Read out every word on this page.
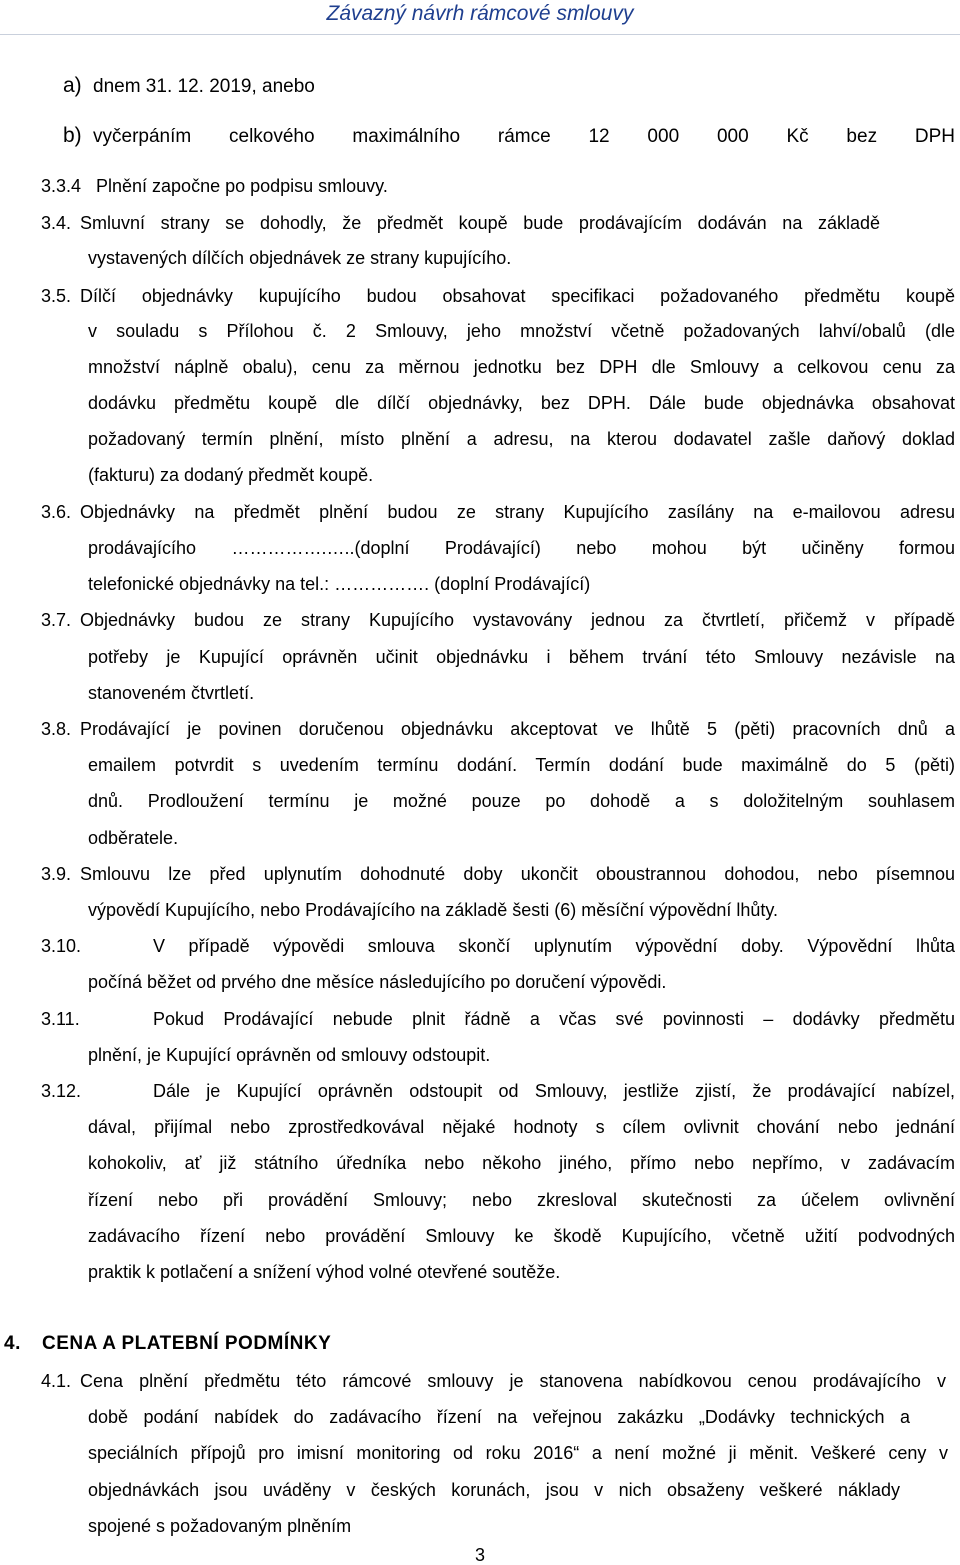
Závazný návrh rámcové smlouvy
a) dnem 31. 12. 2019, anebo
b) vyčerpáním celkového maximálního rámce 12 000 000 Kč bez DPH
3.3.4 Plnění započne po podpisu smlouvy.
3.4. Smluvní strany se dohodly, že předmět koupě bude prodávajícím dodáván na základě
vystavených dílčích objednávek ze strany kupujícího.
3.5. Dílčí objednávky kupujícího budou obsahovat specifikaci požadovaného předmětu koupě
v souladu s Přílohou č. 2 Smlouvy, jeho množství včetně požadovaných lahví/obalů (dle
množství náplně obalu), cenu za měrnou jednotku bez DPH dle Smlouvy a celkovou cenu za
dodávku předmětu koupě dle dílčí objednávky, bez DPH. Dále bude objednávka obsahovat
požadovaný termín plnění, místo plnění a adresu, na kterou dodavatel zašle daňový doklad
(fakturu) za dodaný předmět koupě.
3.6. Objednávky na předmět plnění budou ze strany Kupujícího zasílány na e-mailovou adresu
prodávajícího …………….…..(doplní Prodávající) nebo mohou být učiněny formou
telefonické objednávky na tel.: ……………. (doplní Prodávající)
3.7. Objednávky budou ze strany Kupujícího vystavovány jednou za čtvrtletí, přičemž v případě
potřeby je Kupující oprávněn učinit objednávku i během trvání této Smlouvy nezávisle na
stanoveném čtvrtletí.
3.8. Prodávající je povinen doručenou objednávku akceptovat ve lhůtě 5 (pěti) pracovních dnů a
emailem potvrdit s uvedením termínu dodání. Termín dodání bude maximálně do 5 (pěti)
dnů. Prodloužení termínu je možné pouze po dohodě a s doložitelným souhlasem
odběratele.
3.9. Smlouvu lze před uplynutím dohodnuté doby ukončit oboustrannou dohodou, nebo písemnou
výpovědí Kupujícího, nebo Prodávajícího na základě šesti (6) měsíční výpovědní lhůty.
3.10.	V případě výpovědi smlouva skončí uplynutím výpovědní doby. Výpovědní lhůta
počíná běžet od prvého dne měsíce následujícího po doručení výpovědi.
3.11.	Pokud Prodávající nebude plnit řádně a včas své povinnosti – dodávky předmětu
plnění, je Kupující oprávněn od smlouvy odstoupit.
3.12.	Dále je Kupující oprávněn odstoupit od Smlouvy, jestliže zjistí, že prodávající nabízel,
dával, přijímal nebo zprostředkovával nějaké hodnoty s cílem ovlivnit chování nebo jednání
kohokoliv, ať již státního úředníka nebo někoho jiného, přímo nebo nepřímo, v zadávacím
řízení nebo při provádění Smlouvy; nebo zkresloval skutečnosti za účelem ovlivnění
zadávacího řízení nebo provádění Smlouvy ke škodě Kupujícího, včetně užití podvodných
praktik k potlačení a snížení výhod volné otevřené soutěže.
4. CENA A PLATEBNÍ PODMÍNKY
4.1. Cena plnění předmětu této rámcové smlouvy je stanovena nabídkovou cenou prodávajícího v
době podání nabídek do zadávacího řízení na veřejnou zakázku „Dodávky technických a
speciálních přípojů pro imisní monitoring od roku 2016“ a není možné ji měnit. Veškeré ceny v
objednávkách jsou uváděny v českých korunách, jsou v nich obsaženy veškeré náklady
spojené s požadovaným plněním
3
